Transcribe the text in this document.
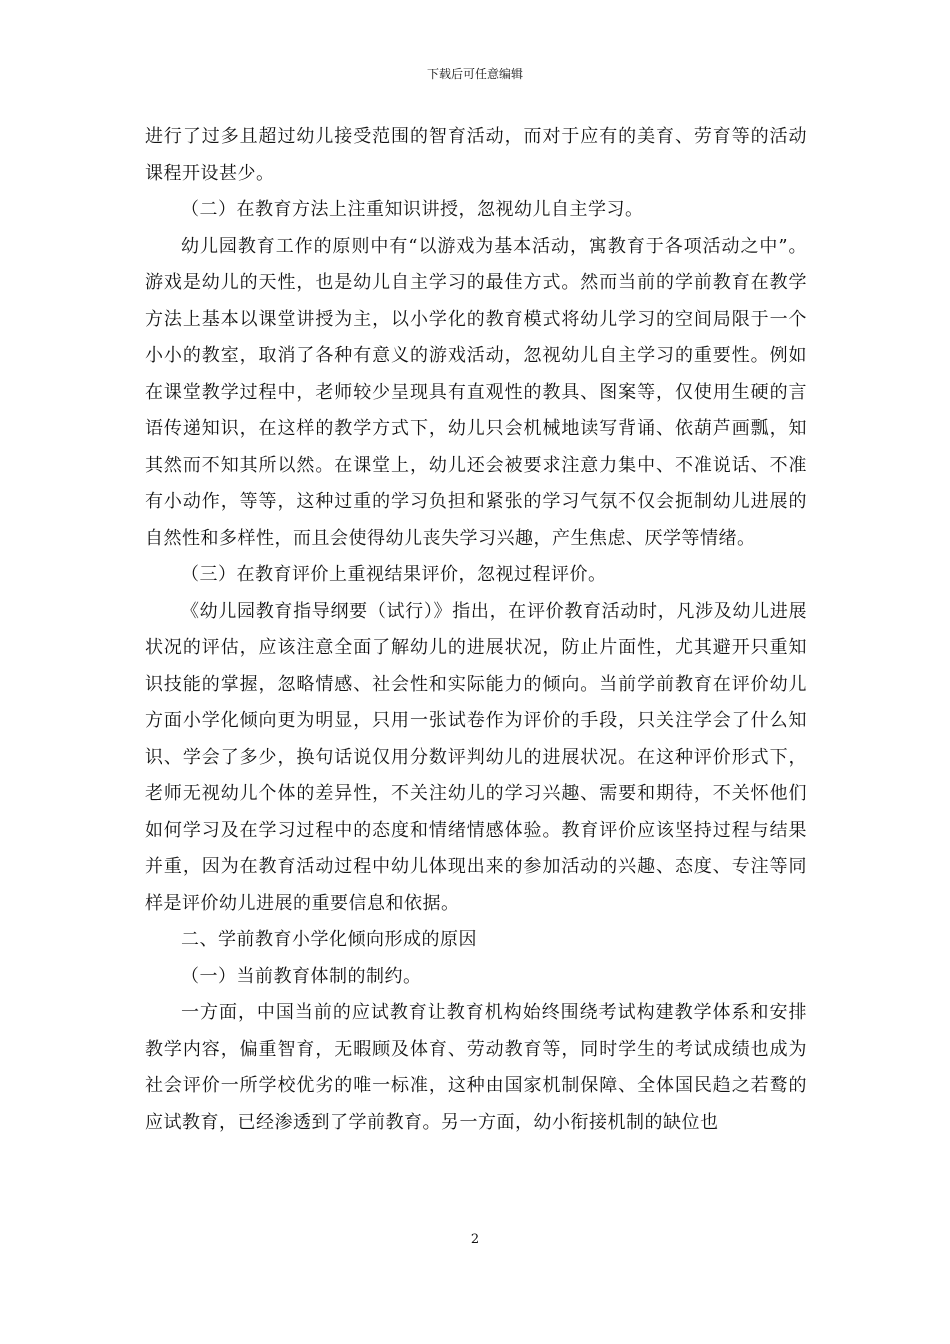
下载后可任意编辑

进行了过多且超过幼儿接受范围的智育活动，而对于应有的美育、劳育等的活动课程开设甚少。

（二）在教育方法上注重知识讲授，忽视幼儿自主学习。

幼儿园教育工作的原则中有“以游戏为基本活动，寓教育于各项活动之中”。游戏是幼儿的天性，也是幼儿自主学习的最佳方式。然而当前的学前教育在教学方法上基本以课堂讲授为主，以小学化的教育模式将幼儿学习的空间局限于一个小小的教室，取消了各种有意义的游戏活动，忽视幼儿自主学习的重要性。例如在课堂教学过程中，老师较少呈现具有直观性的教具、图案等，仅使用生硬的言语传递知识，在这样的教学方式下，幼儿只会机械地读写背诵、依葫芦画瓢，知其然而不知其所以然。在课堂上，幼儿还会被要求注意力集中、不准说话、不准有小动作，等等，这种过重的学习负担和紧张的学习气氛不仅会扼制幼儿进展的自然性和多样性，而且会使得幼儿丧失学习兴趣，产生焦虑、厌学等情绪。

（三）在教育评价上重视结果评价，忽视过程评价。

《幼儿园教育指导纲要（试行）》指出，在评价教育活动时，凡涉及幼儿进展状况的评估，应该注意全面了解幼儿的进展状况，防止片面性，尤其避开只重知识技能的掌握，忽略情感、社会性和实际能力的倾向。当前学前教育在评价幼儿方面小学化倾向更为明显，只用一张试卷作为评价的手段，只关注学会了什么知识、学会了多少，换句话说仅用分数评判幼儿的进展状况。在这种评价形式下，老师无视幼儿个体的差异性，不关注幼儿的学习兴趣、需要和期待，不关怀他们如何学习及在学习过程中的态度和情绪情感体验。教育评价应该坚持过程与结果并重，因为在教育活动过程中幼儿体现出来的参加活动的兴趣、态度、专注等同样是评价幼儿进展的重要信息和依据。

二、学前教育小学化倾向形成的原因

（一）当前教育体制的制约。

一方面，中国当前的应试教育让教育机构始终围绕考试构建教学体系和安排教学内容，偏重智育，无暇顾及体育、劳动教育等，同时学生的考试成绩也成为社会评价一所学校优劣的唯一标准，这种由国家机制保障、全体国民趋之若鹜的应试教育，已经渗透到了学前教育。另一方面，幼小衔接机制的缺位也

2
